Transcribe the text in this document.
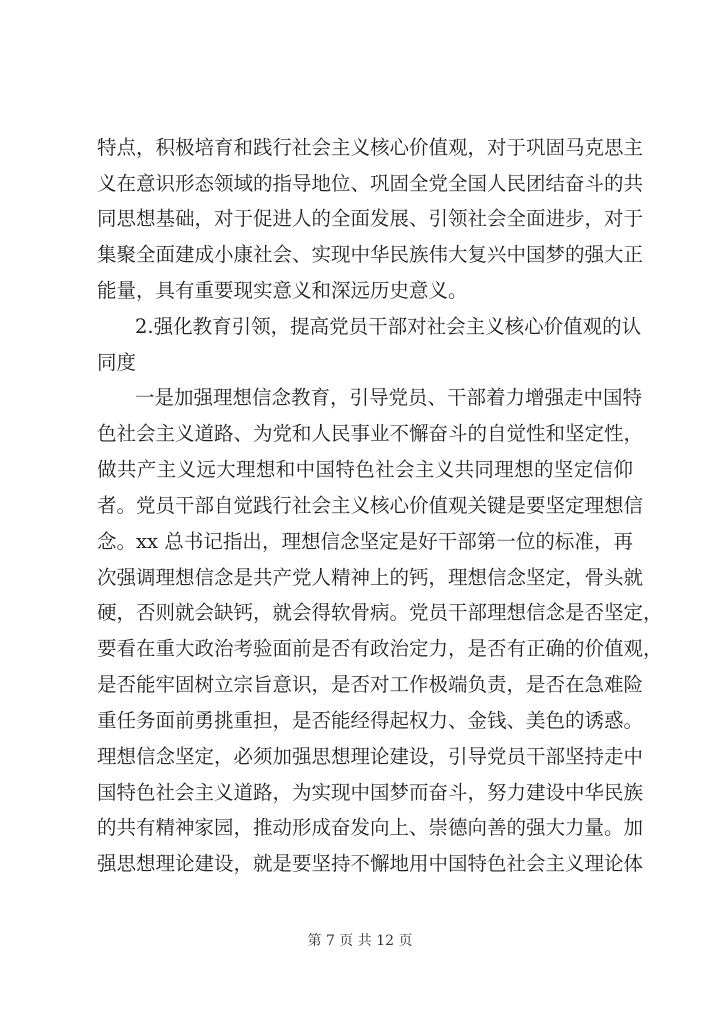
特点，积极培育和践行社会主义核心价值观，对于巩固马克思主
义在意识形态领域的指导地位、巩固全党全国人民团结奋斗的共
同思想基础，对于促进人的全面发展、引领社会全面进步，对于
集聚全面建成小康社会、实现中华民族伟大复兴中国梦的强大正
能量，具有重要现实意义和深远历史意义。
2.强化教育引领，提高党员干部对社会主义核心价值观的认
同度
一是加强理想信念教育，引导党员、干部着力增强走中国特
色社会主义道路、为党和人民事业不懈奋斗的自觉性和坚定性，
做共产主义远大理想和中国特色社会主义共同理想的坚定信仰
者。党员干部自觉践行社会主义核心价值观关键是要坚定理想信
念。xx 总书记指出，理想信念坚定是好干部第一位的标准，再
次强调理想信念是共产党人精神上的钙，理想信念坚定，骨头就
硬，否则就会缺钙，就会得软骨病。党员干部理想信念是否坚定，
要看在重大政治考验面前是否有政治定力，是否有正确的价值观，
是否能牢固树立宗旨意识，是否对工作极端负责，是否在急难险
重任务面前勇挑重担，是否能经得起权力、金钱、美色的诱惑。
理想信念坚定，必须加强思想理论建设，引导党员干部坚持走中
国特色社会主义道路，为实现中国梦而奋斗，努力建设中华民族
的共有精神家园，推动形成奋发向上、崇德向善的强大力量。加
强思想理论建设，就是要坚持不懈地用中国特色社会主义理论体
第 7 页 共 12 页
